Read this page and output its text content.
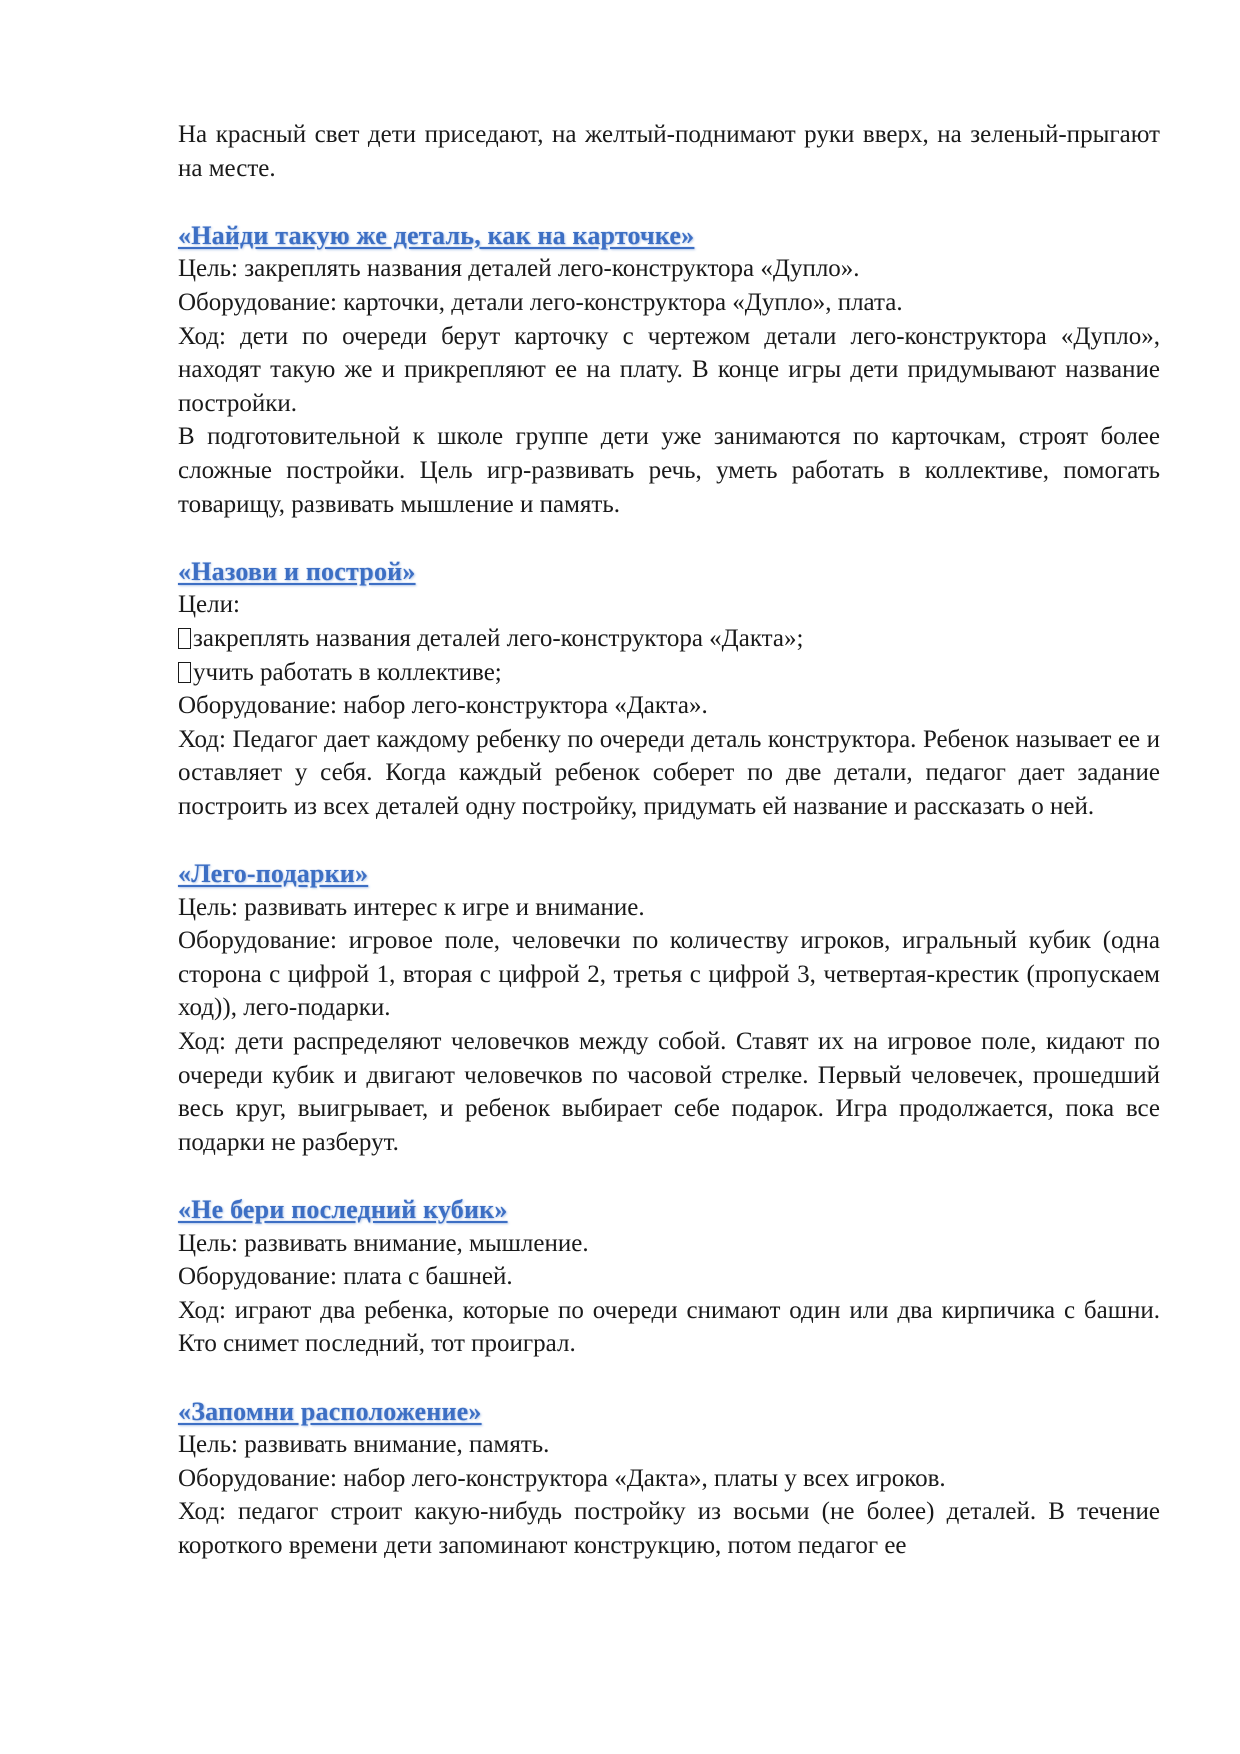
На красный свет дети приседают, на желтый-поднимают руки вверх, на зеленый-прыгают на месте.

«Найди такую же деталь, как на карточке»

Цель: закреплять названия деталей лего-конструктора «Дупло».

Оборудование: карточки, детали лего-конструктора «Дупло», плата.

Ход: дети по очереди берут карточку с чертежом детали лего-конструктора «Дупло», находят такую же и прикрепляют ее на плату. В конце игры дети придумывают название постройки.

В подготовительной к школе группе дети уже занимаются по карточкам, строят более сложные постройки. Цель игр-развивать речь, уметь работать в коллективе, помогать товарищу, развивать мышление и память.

«Назови и построй»

Цели:

закреплять названия деталей лего-конструктора «Дакта»;

учить работать в коллективе;

Оборудование: набор лего-конструктора «Дакта».

Ход: Педагог дает каждому ребенку по очереди деталь конструктора. Ребенок называет ее и оставляет у себя. Когда каждый ребенок соберет по две детали, педагог дает задание построить из всех деталей одну постройку, придумать ей название и рассказать о ней.

«Лего-подарки»

Цель: развивать интерес к игре и внимание.

Оборудование: игровое поле, человечки по количеству игроков, игральный кубик (одна сторона с цифрой 1, вторая с цифрой 2, третья с цифрой 3, четвертая-крестик (пропускаем ход)), лего-подарки.

Ход: дети распределяют человечков между собой. Ставят их на игровое поле, кидают по очереди кубик и двигают человечков по часовой стрелке. Первый человечек, прошедший весь круг, выигрывает, и ребенок выбирает себе подарок. Игра продолжается, пока все подарки не разберут.

«Не бери последний кубик»

Цель: развивать внимание, мышление.

Оборудование: плата с башней.

Ход: играют два ребенка, которые по очереди снимают один или два кирпичика с башни. Кто снимет последний, тот проиграл.

«Запомни расположение»

Цель: развивать внимание, память.

Оборудование: набор лего-конструктора «Дакта», платы у всех игроков.

Ход: педагог строит какую-нибудь постройку из восьми (не более) деталей. В течение короткого времени дети запоминают конструкцию, потом педагог ее
